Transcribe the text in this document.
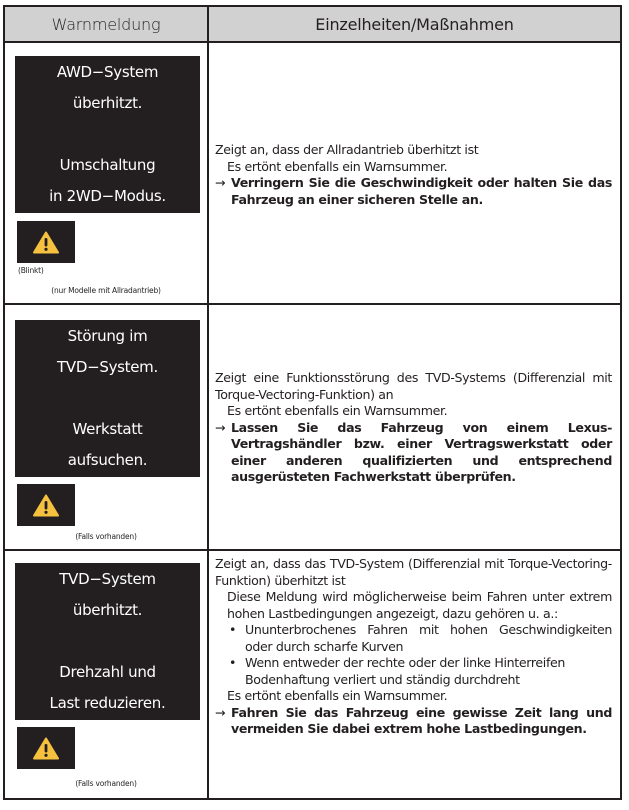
Warnmeldung	Einzelheiten/Maßnahmen
AWD−System
überhitzt.
Umschaltung
in 2WD−Modus.
(Blinkt)
(nur Modelle mit Allradantrieb)

Zeigt an, dass der Allradantrieb überhitzt ist

Es ertönt ebenfalls ein Warnsummer.

→ Verringern Sie die Geschwindigkeit oder halten Sie das Fahrzeug an einer sicheren Stelle an.
Störung im
TVD−System.
Werkstatt
aufsuchen.
(Falls vorhanden)

Zeigt eine Funktionsstörung des TVD-Systems (Differenzial mit Torque-Vectoring-Funktion) an

Es ertönt ebenfalls ein Warnsummer.

→ Lassen Sie das Fahrzeug von einem Lexus-Vertragshändler bzw. einer Vertragswerkstatt oder einer anderen qualifizierten und entsprechend ausgerüsteten Fachwerkstatt überprüfen.
TVD−System
überhitzt.
Drehzahl und
Last reduzieren.
(Falls vorhanden)

Zeigt an, dass das TVD-System (Differenzial mit Torque-Vectoring-Funktion) überhitzt ist

Diese Meldung wird möglicherweise beim Fahren unter extrem hohen Lastbedingungen angezeigt, dazu gehören u. a.:

• Ununterbrochenes Fahren mit hohen Geschwindigkeiten oder durch scharfe Kurven
• Wenn entweder der rechte oder der linke Hinterreifen Bodenhaftung verliert und ständig durchdreht

Es ertönt ebenfalls ein Warnsummer.

→ Fahren Sie das Fahrzeug eine gewisse Zeit lang und vermeiden Sie dabei extrem hohe Lastbedingungen.
